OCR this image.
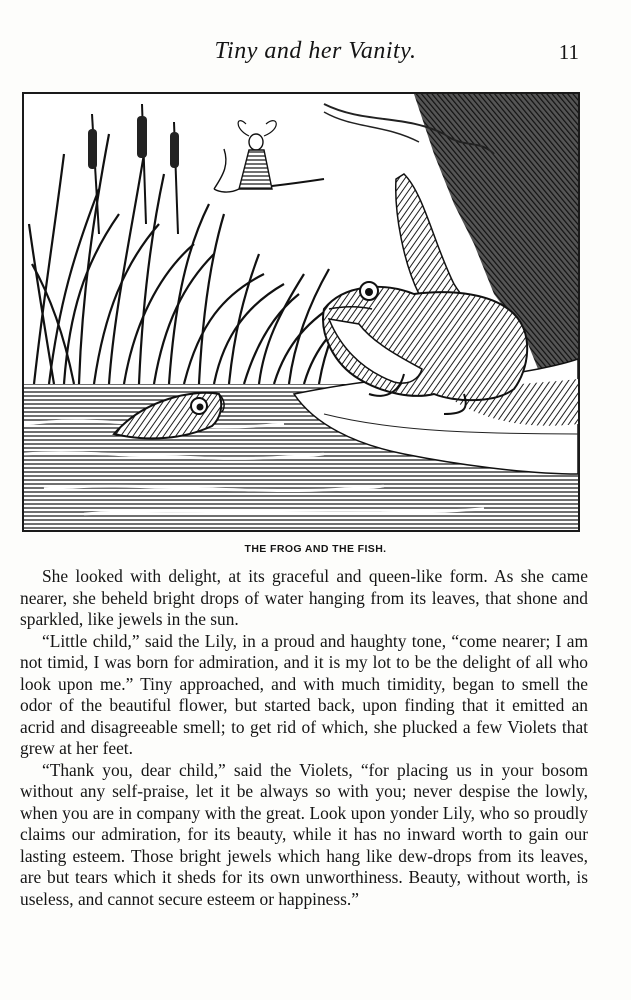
Tiny and her Vanity.	11
THE FROG AND THE FISH.

She looked with delight, at its graceful and queen-like form. As she came nearer, she beheld bright drops of water hanging from its leaves, that shone and sparkled, like jewels in the sun.

“Little child,” said the Lily, in a proud and haughty tone, “come nearer; I am not timid, I was born for admiration, and it is my lot to be the delight of all who look upon me.” Tiny approached, and with much timidity, began to smell the odor of the beautiful flower, but started back, upon finding that it emitted an acrid and disagreeable smell; to get rid of which, she plucked a few Violets that grew at her feet.

“Thank you, dear child,” said the Violets, “for placing us in your bosom without any self-praise, let it be always so with you; never despise the lowly, when you are in company with the great. Look upon yonder Lily, who so proudly claims our admiration, for its beauty, while it has no inward worth to gain our lasting esteem. Those bright jewels which hang like dew-drops from its leaves, are but tears which it sheds for its own unworthiness. Beauty, without worth, is useless, and cannot secure esteem or happiness.”
